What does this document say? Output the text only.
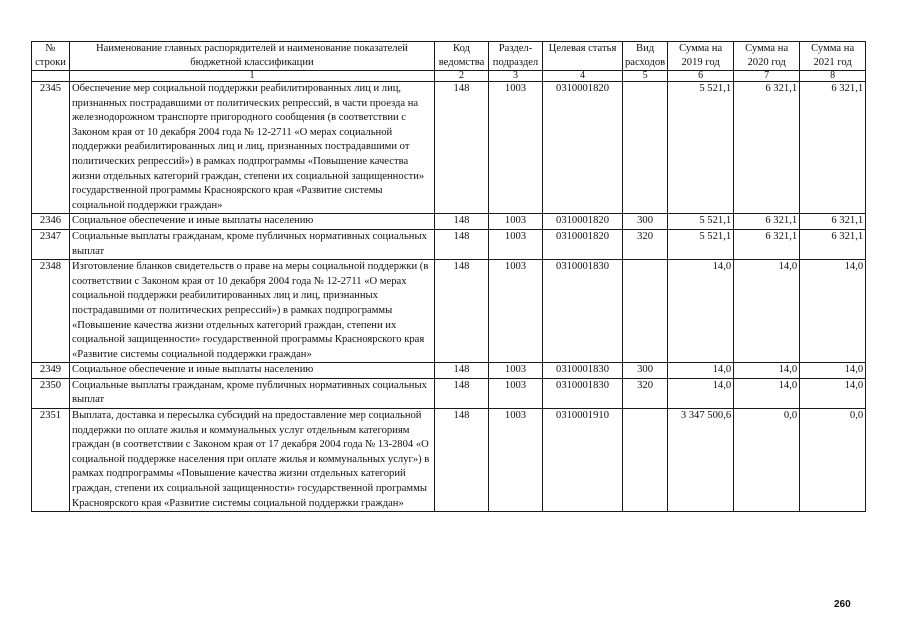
№ строки	Наименование главных распорядителей и наименование показателей бюджетной классификации	Код ведомства	Раздел-подраздел	Целевая статья	Вид расходов	Сумма на 2019 год	Сумма на 2020 год	Сумма на 2021 год
	1	2	3	4	5	6	7	8
2345	Обеспечение мер социальной поддержки реабилитированных лиц и лиц, признанных пострадавшими от политических репрессий, в части проезда на железнодорожном транспорте пригородного сообщения (в соответствии с Законом края от 10 декабря 2004 года № 12-2711 «О мерах социальной поддержки реабилитированных лиц и лиц, признанных пострадавшими от политических репрессий») в рамках подпрограммы «Повышение качества жизни отдельных категорий граждан, степени их социальной защищенности» государственной программы Красноярского края «Развитие системы социальной поддержки граждан»	148	1003	0310001820		5 521,1	6 321,1	6 321,1
2346	Социальное обеспечение и иные выплаты населению	148	1003	0310001820	300	5 521,1	6 321,1	6 321,1
2347	Социальные выплаты гражданам, кроме публичных нормативных социальных выплат	148	1003	0310001820	320	5 521,1	6 321,1	6 321,1
2348	Изготовление бланков свидетельств о праве на меры социальной поддержки (в соответствии с Законом края от 10 декабря 2004 года № 12-2711 «О мерах социальной поддержки реабилитированных лиц и лиц, признанных пострадавшими от политических репрессий») в рамках подпрограммы «Повышение качества жизни отдельных категорий граждан, степени их социальной защищенности» государственной программы Красноярского края «Развитие системы социальной поддержки граждан»	148	1003	0310001830		14,0	14,0	14,0
2349	Социальное обеспечение и иные выплаты населению	148	1003	0310001830	300	14,0	14,0	14,0
2350	Социальные выплаты гражданам, кроме публичных нормативных социальных выплат	148	1003	0310001830	320	14,0	14,0	14,0
2351	Выплата, доставка и пересылка субсидий на предоставление мер социальной поддержки по оплате жилья и коммунальных услуг отдельным категориям граждан (в соответствии с Законом края от 17 декабря 2004 года № 13-2804 «О социальной поддержке населения при оплате жилья и коммунальных услуг») в рамках подпрограммы «Повышение качества жизни отдельных категорий граждан, степени их социальной защищенности» государственной программы Красноярского края «Развитие системы социальной поддержки граждан»	148	1003	0310001910		3 347 500,6	0,0	0,0
260
